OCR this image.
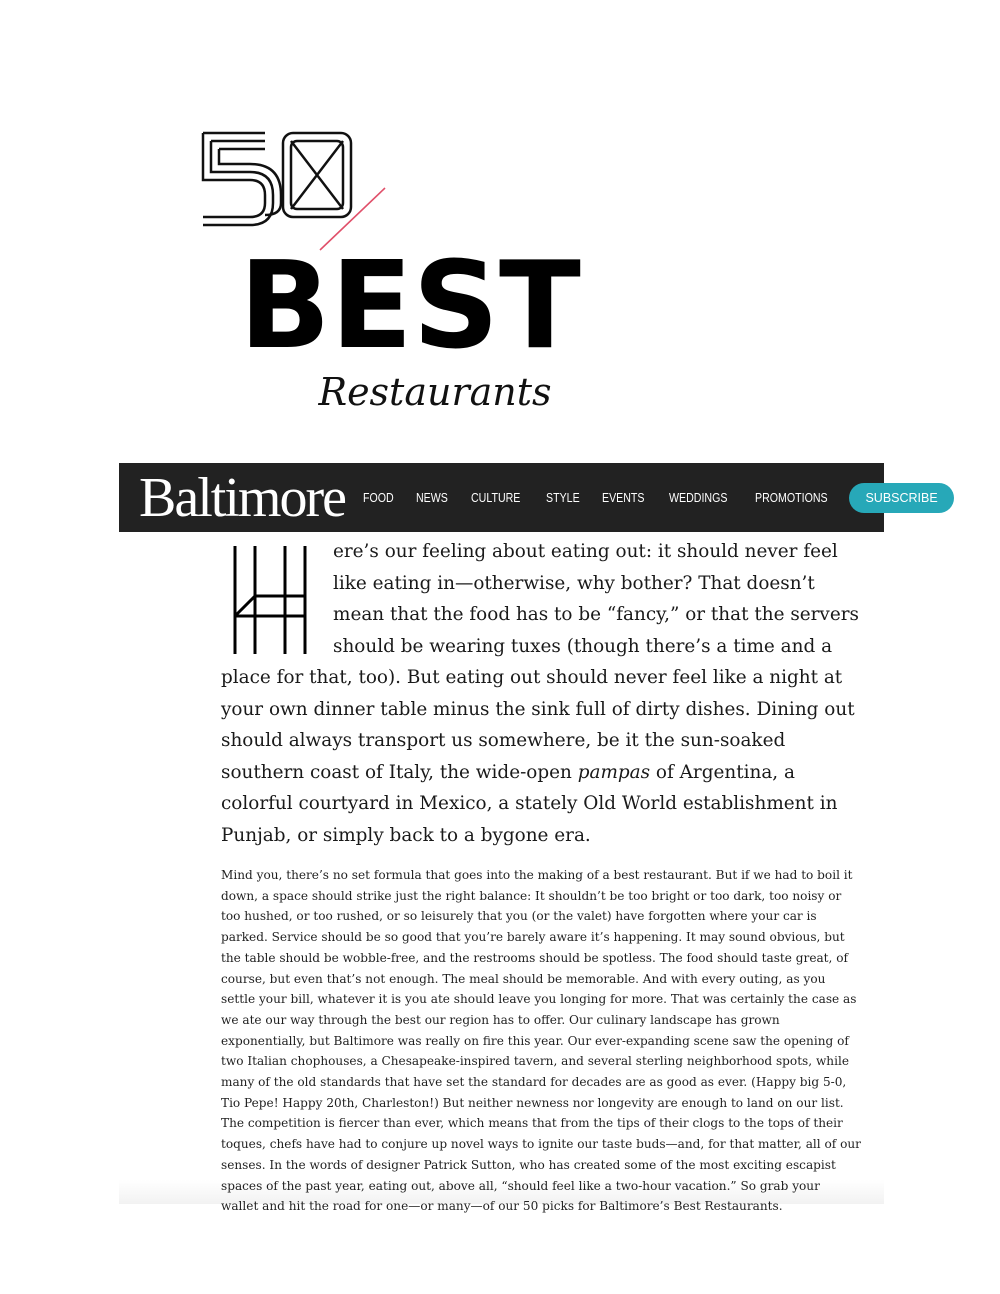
BEST
Restaurants
50
Baltimore FOOD NEWS CULTURE STYLE EVENTS WEDDINGS PROMOTIONS	SUBSCRIBE
H	ere’s our feeling about eating out: it should never feel like eating in—otherwise, why bother? That doesn’t mean that the food has to be “fancy,” or that the servers should be wearing tuxes (though there’s a time and a place for that, too). But eating out should never feel like a night at your own dinner table minus the sink full of dirty dishes. Dining out should always transport us somewhere, be it the sun-soaked southern coast of Italy, the wide-open pampas of Argentina, a colorful courtyard in Mexico, a stately Old World establishment in Punjab, or simply back to a bygone era.

Mind you, there’s no set formula that goes into the making of a best restaurant. But if we had to boil it down, a space should strike just the right balance: It shouldn’t be too bright or too dark, too noisy or too hushed, or too rushed, or so leisurely that you (or the valet) have forgotten where your car is parked. Service should be so good that you’re barely aware it’s happening. It may sound obvious, but the table should be wobble-free, and the restrooms should be spotless. The food should taste great, of course, but even that’s not enough. The meal should be memorable. And with every outing, as you settle your bill, whatever it is you ate should leave you longing for more. That was certainly the case as we ate our way through the best our region has to offer. Our culinary landscape has grown exponentially, but Baltimore was really on fire this year. Our ever-expanding scene saw the opening of two Italian chophouses, a Chesapeake-inspired tavern, and several sterling neighborhood spots, while many of the old standards that have set the standard for decades are as good as ever. (Happy big 5-0, Tio Pepe! Happy 20th, Charleston!) But neither newness nor longevity are enough to land on our list. The competition is fiercer than ever, which means that from the tips of their clogs to the tops of their toques, chefs have had to conjure up novel ways to ignite our taste buds—and, for that matter, all of our senses. In the words of designer Patrick Sutton, who has created some of the most exciting escapist spaces of the past year, eating out, above all, “should feel like a two-hour vacation.” So grab your wallet and hit the road for one—or many—of our 50 picks for Baltimore’s Best Restaurants.
